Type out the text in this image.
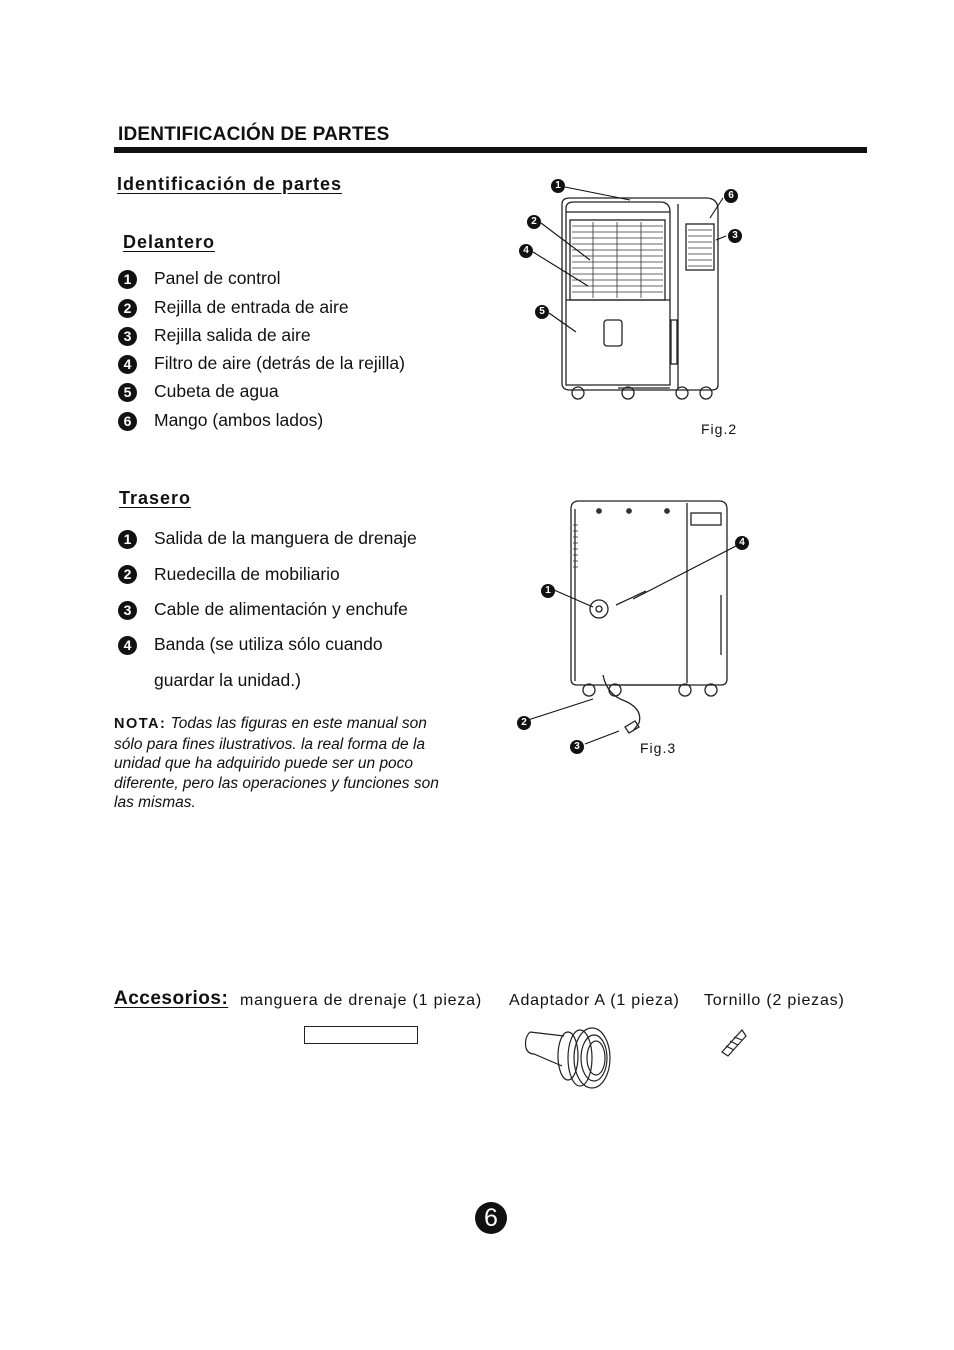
IDENTIFICACIÓN DE PARTES
Identificación de partes
Delantero
1	Panel de control
2	Rejilla de entrada de aire
3	Rejilla salida de aire
4	Filtro de aire (detrás de la rejilla)
5	Cubeta de agua
6	Mango (ambos lados)
1
2
3
4
5
6
Fig.2
Trasero
1	Salida de la manguera de drenaje
2	Ruedecilla de mobiliario
3	Cable de alimentación y enchufe
4	Banda (se utiliza sólo cuando
guardar la unidad.)
1
2
3
4
Fig.3
NOTA: Todas las figuras en este manual son sólo para fines ilustrativos. la real forma de la unidad que ha adquirido puede ser un poco diferente, pero las operaciones y funciones son las mismas.
Accesorios: manguera de drenaje (1 pieza) Adaptador A (1 pieza) Tornillo (2 piezas)
6
